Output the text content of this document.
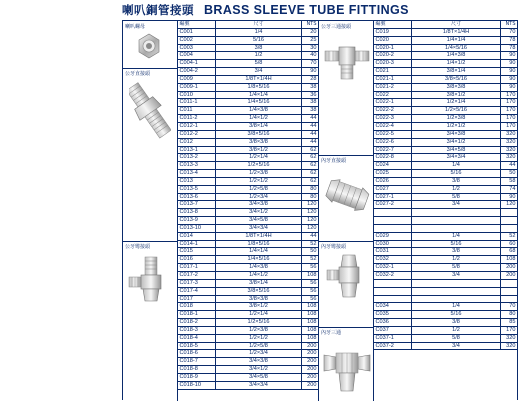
喇叭銅管接頭 BRASS SLEEVE TUBE FITTINGS
喇叭螺母
公牙直接頭
公牙彎接頭
編號	尺寸	NTS
C001	1/4	20
C002	5/16	25
C003	3/8	30
C004	1/2	40
C004-1	5/8	70
C004-2	3/4	90
C009	1/8T×1/4H	28
C009-1	1/8×5/16	38
C010	1/4×1/4	36
C011-1	1/4×5/16	38
C011	1/4×3/8	38
C011-2	1/4×1/2	44
C012-1	3/8×1/4	44
C012-2	3/8×5/16	44
C012	3/8×3/8	44
C013-1	3/8×1/2	62
C013-2	1/2×1/4	62
C013-3	1/2×5/16	62
C013-4	1/2×3/8	62
C013	1/2×1/2	62
C013-5	1/2×5/8	80
C013-6	1/2×3/4	80
C013-7	3/4×3/8	120
C013-8	3/4×1/2	120
C013-9	3/4×5/8	120
C013-10	3/4×3/4	120
C014	1/8T×1/4H	44
C014-1	1/8×5/16	52
C015	1/4×1/4	50
C016	1/4×5/16	52
C017-1	1/4×3/8	56
C017-2	1/4×1/2	108
C017-3	3/8×1/4	56
C017-4	3/8×5/16	56
C017	3/8×3/8	56
C018	3/8×1/2	108
C018-1	1/2×1/4	108
C018-2	1/2×5/16	108
C018-3	1/2×3/8	108
C018-4	1/2×1/2	108
C018-5	1/2×5/8	200
C018-6	1/2×3/4	200
C018-7	3/4×3/8	200
C018-8	3/4×1/2	200
C018-9	3/4×5/8	200
C018-10	3/4×3/4	200
公牙三通接頭
內牙直接頭
內牙彎接頭
內牙三通
編號	尺寸	NTS
C019	1/8T×1/4H	70
C020	1/4×1/4	78
C020-1	1/4×5/16	78
C020-2	1/4×3/8	90
C020-3	1/4×1/2	90
C021	3/8×1/4	90
C021-1	3/8×5/16	90
C021-2	3/8×3/8	90
C022	3/8×1/2	170
C022-1	1/2×1/4	170
C022-2	1/2×5/16	170
C022-3	1/2×3/8	170
C022-4	1/2×1/2	170
C022-5	3/4×3/8	320
C022-6	3/4×1/2	320
C022-7	3/4×5/8	320
C022-8	3/4×3/4	320
C024	1/4	44
C025	5/16	50
C026	3/8	58
C027	1/2	74
C027-1	5/8	90
C027-2	3/4	120
C029	1/4	52
C030	5/16	60
C031	3/8	68
C032	1/2	108
C032-1	5/8	200
C032-2	3/4	200
C034	1/4	70
C035	5/16	80
C036	3/8	85
C037	1/2	170
C037-1	5/8	320
C037-2	3/4	320
